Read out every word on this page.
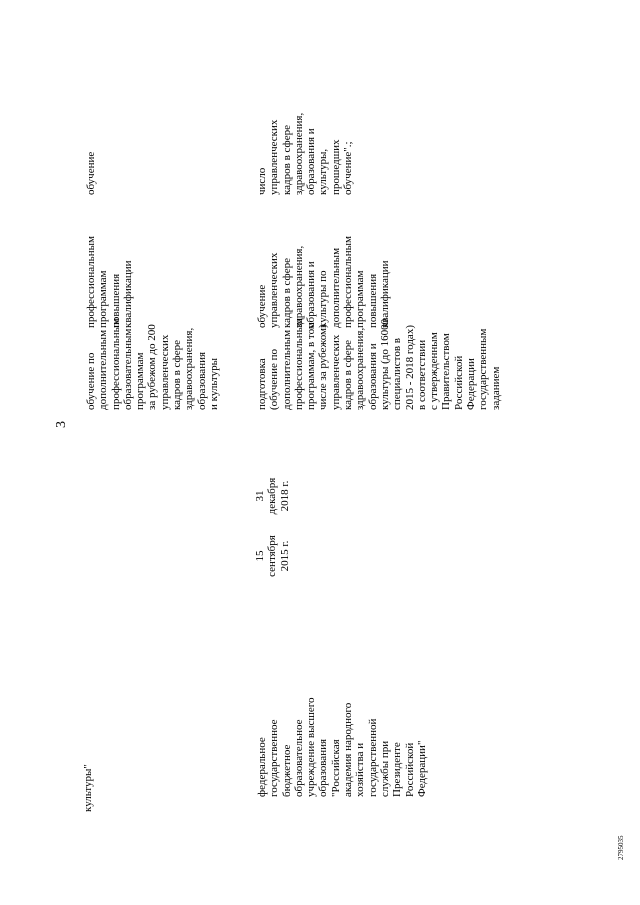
3
2795035
культуры"
обучение по дополнительным профессиональным образовательным программам за рубежом до 200 управленческих кадров в сфере здравоохранения, образования и культуры
профессиональным программам повышения квалификации
обучение
федеральное государственное бюджетное образовательное учреждение высшего образования "Российская академия народного хозяйства и государственной службы при Президенте Российской Федерации"
15 сентября 2015 г.
31 декабря 2018 г.
подготовка (обучение по дополнительным профессиональным программам, в том числе за рубежом) управленческих кадров в сфере здравоохранения, образования и культуры (до 16000 специалистов в 2015 - 2018 годах) в соответствии с утвержденным Правительством Российской Федерации государственным заданием
обучение управленческих кадров в сфере здравоохранения, образования и культуры по дополнительным профессиональным программам повышения квалификации
число управленческих кадров в сфере здравоохранения, образования и культуры, прошедших обучение".;
